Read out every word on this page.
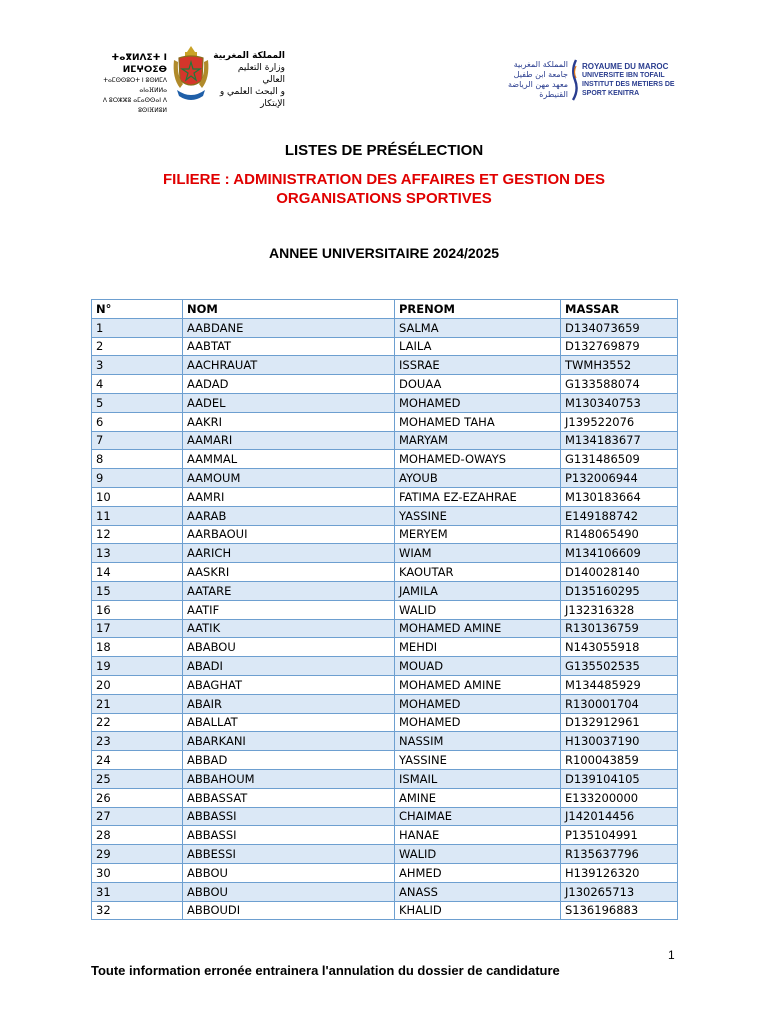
ⵜⴰⴳⵍⴷⵉⵜ ⵏ ⵍⵎⵖⵔⵉⴱ
ⵜⴰⵎⵙⵙⵓⵔⵜ ⵏ ⵓⵙⵍⵎⴷ ⴰⵏⴰⴼⵍⵍⴰ
ⴷ ⵓⵔⵣⵣⵓ ⴰⵎⴰⵙⵙⴰⵏ ⴷ ⵓⵙⵏⴼⵍⵓⵍ
المملكة المغربية
وزارة التعليم العالي
و البحث العلمي و الإبتكار
المملكة المغربية
جامعة ابن طفيل
معهد مهن الرياضة
القنيطرة
ROYAUME DU MAROC
UNIVERSITE IBN TOFAIL
INSTITUT DES METIERS DE
SPORT KENITRA
LISTES DE PRÉSÉLECTION
FILIERE : ADMINISTRATION DES AFFAIRES ET GESTION DES
ORGANISATIONS SPORTIVES
ANNEE UNIVERSITAIRE 2024/2025
N°	NOM	PRENOM	MASSAR
1	AABDANE	SALMA	D134073659
2	AABTAT	LAILA	D132769879
3	AACHRAUAT	ISSRAE	TWMH3552
4	AADAD	DOUAA	G133588074
5	AADEL	MOHAMED	M130340753
6	AAKRI	MOHAMED TAHA	J139522076
7	AAMARI	MARYAM	M134183677
8	AAMMAL	MOHAMED-OWAYS	G131486509
9	AAMOUM	AYOUB	P132006944
10	AAMRI	FATIMA EZ-EZAHRAE	M130183664
11	AARAB	YASSINE	E149188742
12	AARBAOUI	MERYEM	R148065490
13	AARICH	WIAM	M134106609
14	AASKRI	KAOUTAR	D140028140
15	AATARE	JAMILA	D135160295
16	AATIF	WALID	J132316328
17	AATIK	MOHAMED AMINE	R130136759
18	ABABOU	MEHDI	N143055918
19	ABADI	MOUAD	G135502535
20	ABAGHAT	MOHAMED AMINE	M134485929
21	ABAIR	MOHAMED	R130001704
22	ABALLAT	MOHAMED	D132912961
23	ABARKANI	NASSIM	H130037190
24	ABBAD	YASSINE	R100043859
25	ABBAHOUM	ISMAIL	D139104105
26	ABBASSAT	AMINE	E133200000
27	ABBASSI	CHAIMAE	J142014456
28	ABBASSI	HANAE	P135104991
29	ABBESSI	WALID	R135637796
30	ABBOU	AHMED	H139126320
31	ABBOU	ANASS	J130265713
32	ABBOUDI	KHALID	S136196883
1
Toute information erronée entrainera l'annulation du dossier de candidature
